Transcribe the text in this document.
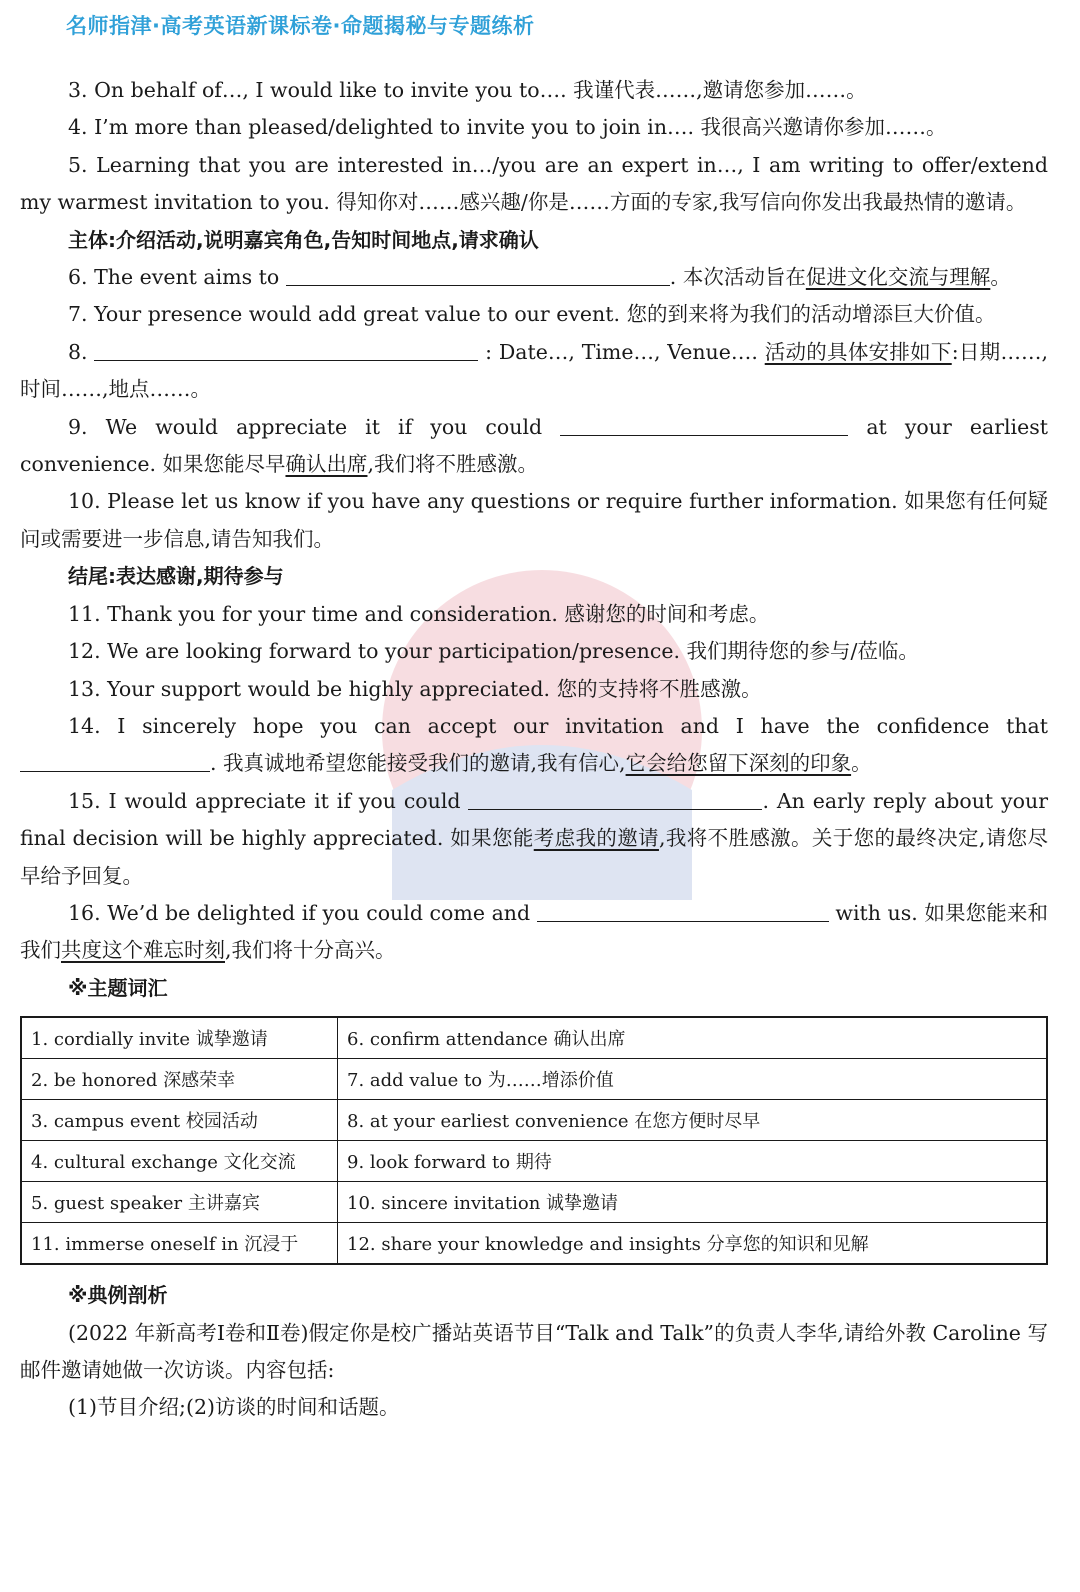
名师指津·高考英语新课标卷·命题揭秘与专题练析

3. On behalf of…, I would like to invite you to…. 我谨代表……,邀请您参加……。

4. I’m more than pleased/delighted to invite you to join in…. 我很高兴邀请你参加……。

5. Learning that you are interested in…/you are an expert in…, I am writing to offer/extend my warmest invitation to you. 得知你对……感兴趣/你是……方面的专家,我写信向你发出我最热情的邀请。

主体:介绍活动,说明嘉宾角色,告知时间地点,请求确认

6. The event aims to	. 本次活动旨在促进文化交流与理解。

7. Your presence would add great value to our event. 您的到来将为我们的活动增添巨大价值。

8.	: Date…, Time…, Venue…. 活动的具体安排如下:日期……,时间……,地点……。

9. We would appreciate it if you could	at your earliest convenience. 如果您能尽早确认出席,我们将不胜感激。

10. Please let us know if you have any questions or require further information. 如果您有任何疑问或需要进一步信息,请告知我们。

结尾:表达感谢,期待参与

11. Thank you for your time and consideration. 感谢您的时间和考虑。

12. We are looking forward to your participation/presence. 我们期待您的参与/莅临。

13. Your support would be highly appreciated. 您的支持将不胜感激。

14. I sincerely hope you can accept our invitation and I have the confidence that . 我真诚地希望您能接受我们的邀请,我有信心,它会给您留下深刻的印象。

15. I would appreciate it if you could	. An early reply about your final decision will be highly appreciated. 如果您能考虑我的邀请,我将不胜感激。关于您的最终决定,请您尽早给予回复。

16. We’d be delighted if you could come and	with us. 如果您能来和我们共度这个难忘时刻,我们将十分高兴。

※主题词汇

1. cordially invite 诚挚邀请	6. confirm attendance 确认出席
2. be honored 深感荣幸	7. add value to 为……增添价值
3. campus event 校园活动	8. at your earliest convenience 在您方便时尽早
4. cultural exchange 文化交流	9. look forward to 期待
5. guest speaker 主讲嘉宾	10. sincere invitation 诚挚邀请
11. immerse oneself in 沉浸于	12. share your knowledge and insights 分享您的知识和见解

※典例剖析

(2022 年新高考Ⅰ卷和Ⅱ卷)假定你是校广播站英语节目“Talk and Talk”的负责人李华,请给外教 Caroline 写邮件邀请她做一次访谈。内容包括:

(1)节目介绍;(2)访谈的时间和话题。
